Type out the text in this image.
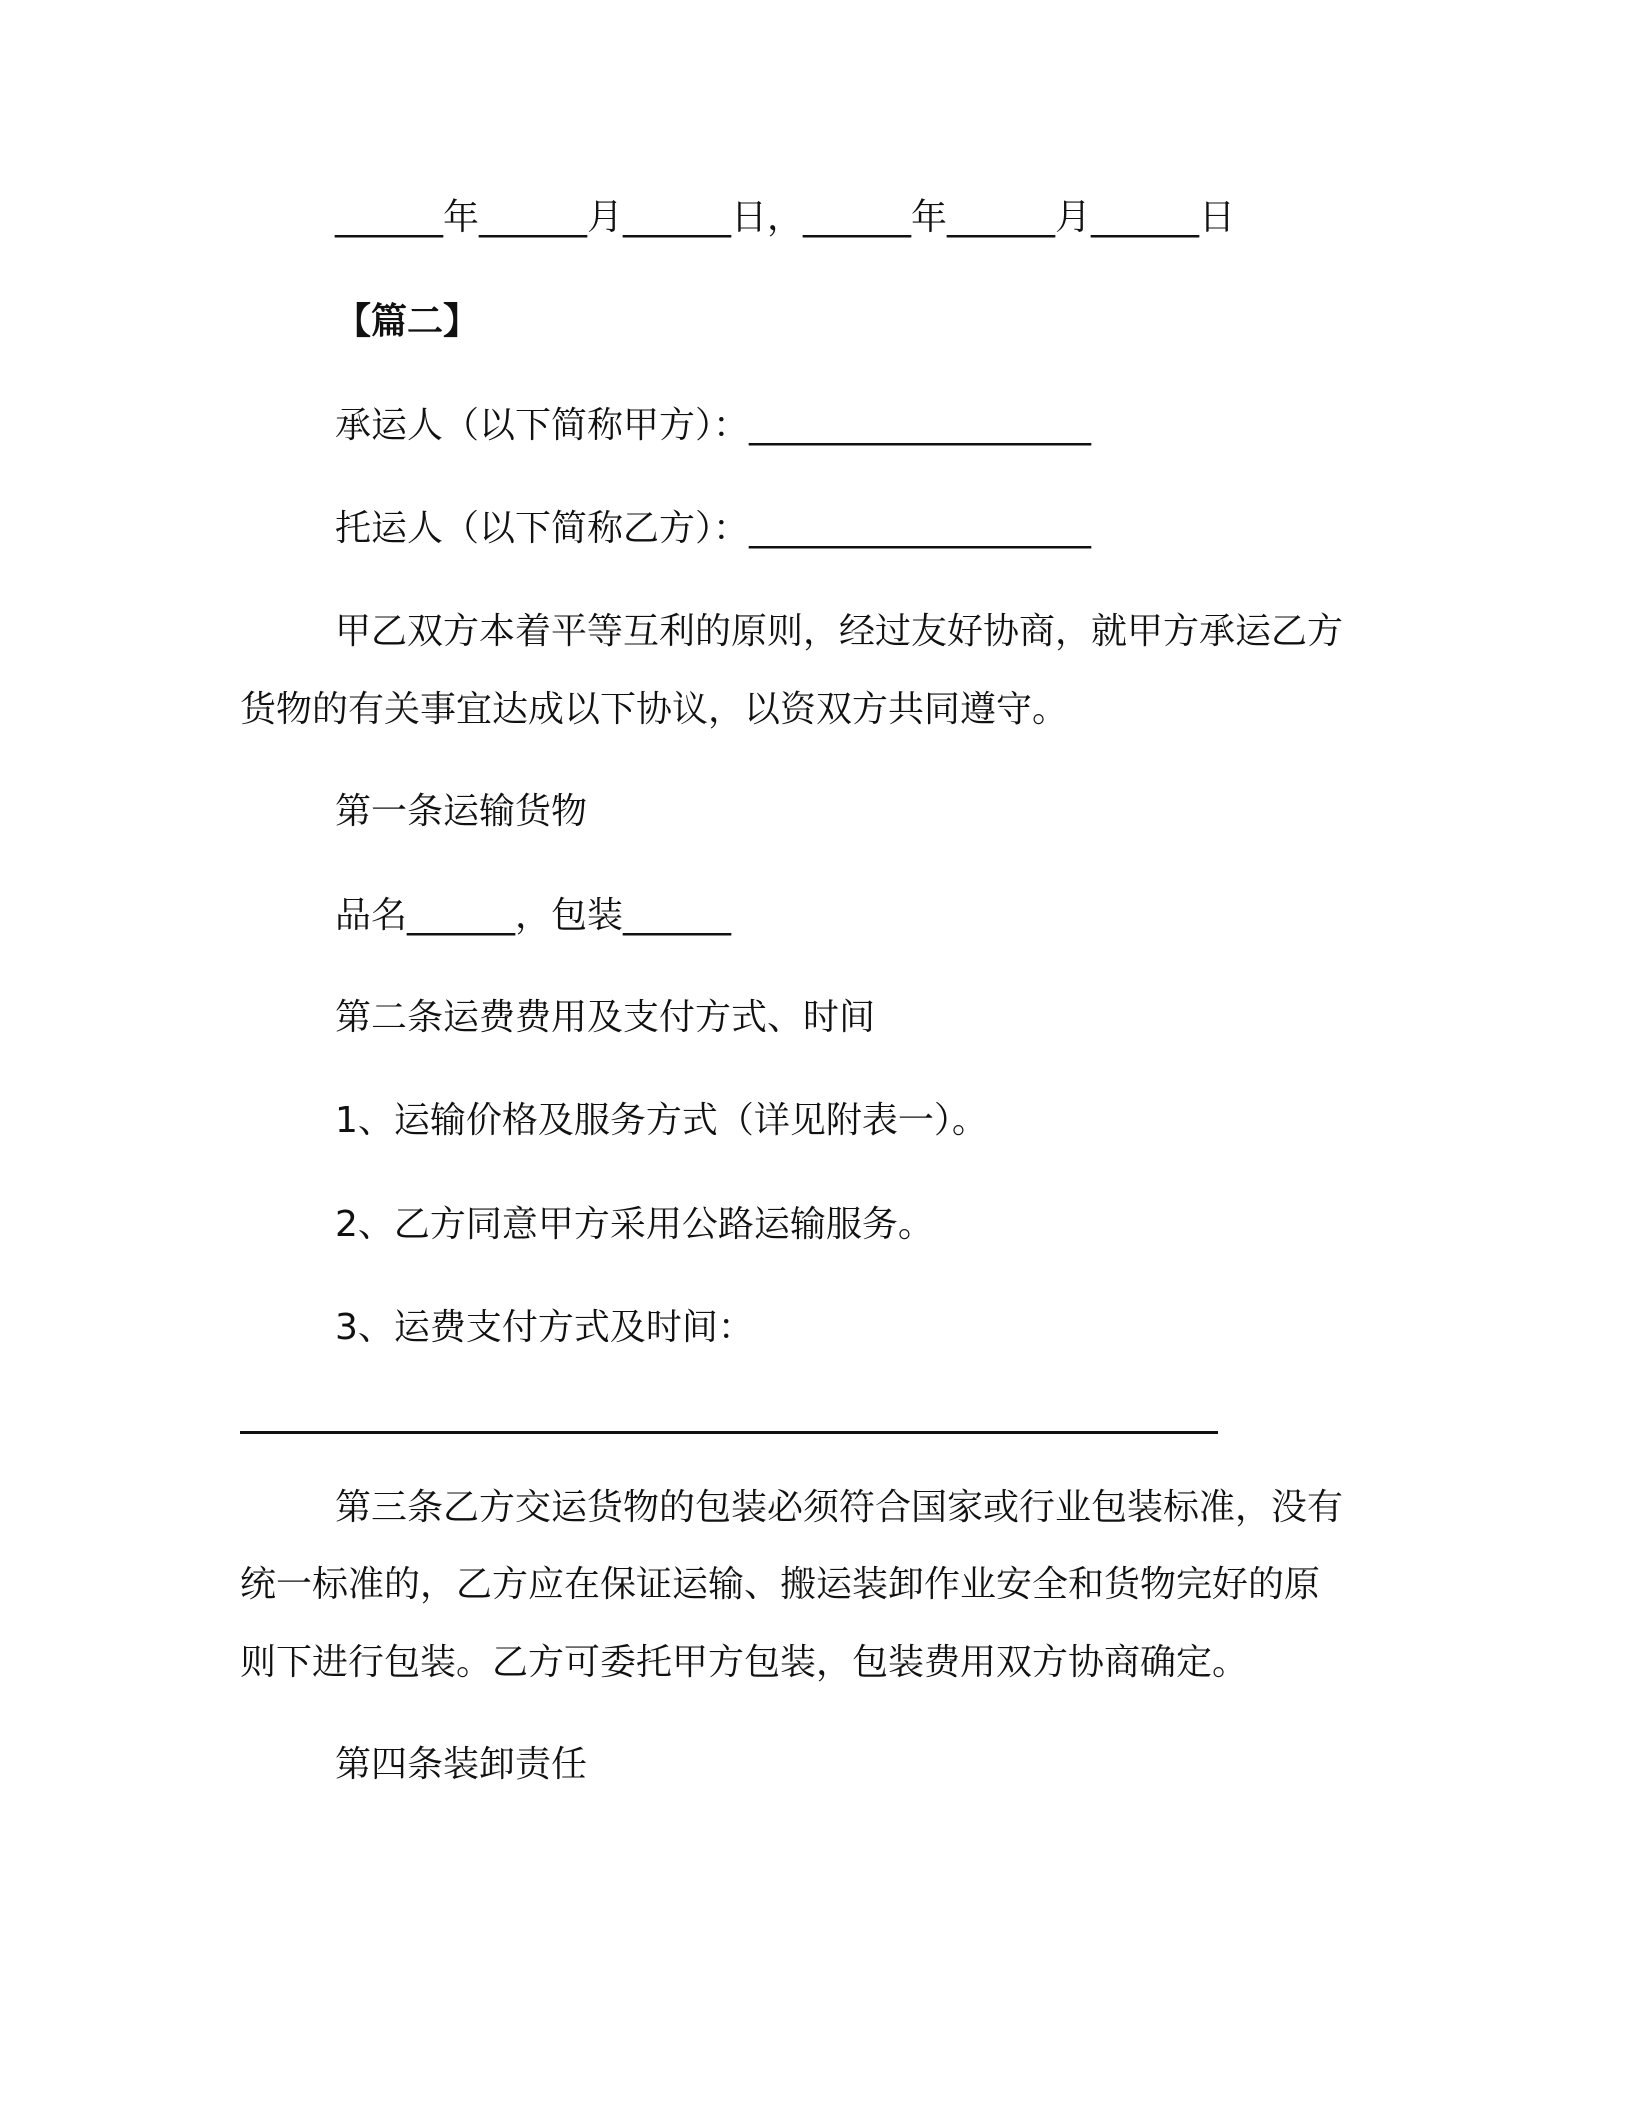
______年______月______日，______年______月______日
【篇二】
承运人（以下简称甲方）：___________________
托运人（以下简称乙方）：___________________
甲乙双方本着平等互利的原则，经过友好协商，就甲方承运乙方
货物的有关事宜达成以下协议，以资双方共同遵守。
第一条运输货物
品名______，包装______
第二条运费费用及支付方式、时间
1、运输价格及服务方式（详见附表一）。
2、乙方同意甲方采用公路运输服务。
3、运费支付方式及时间：
第三条乙方交运货物的包装必须符合国家或行业包装标准，没有
统一标准的，乙方应在保证运输、搬运装卸作业安全和货物完好的原
则下进行包装。乙方可委托甲方包装，包装费用双方协商确定。
第四条装卸责任
